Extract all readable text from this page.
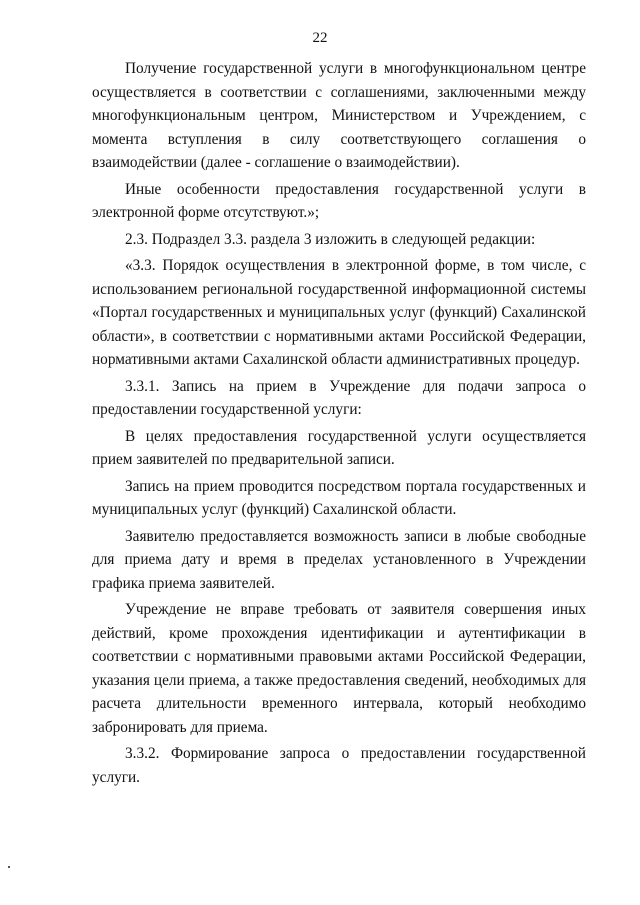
22

Получение государственной услуги в многофункциональном центре осуществляется в соответствии с соглашениями, заключенными между многофункциональным центром, Министерством и Учреждением, с момента вступления в силу соответствующего соглашения о взаимодействии (далее - соглашение о взаимодействии).

Иные особенности предоставления государственной услуги в электронной форме отсутствуют.»;

2.3. Подраздел 3.3. раздела 3 изложить в следующей редакции:

«3.3. Порядок осуществления в электронной форме, в том числе, с использованием региональной государственной информационной системы «Портал государственных и муниципальных услуг (функций) Сахалинской области», в соответствии с нормативными актами Российской Федерации, нормативными актами Сахалинской области административных процедур.

3.3.1. Запись на прием в Учреждение для подачи запроса о предоставлении государственной услуги:

В целях предоставления государственной услуги осуществляется прием заявителей по предварительной записи.

Запись на прием проводится посредством портала государственных и муниципальных услуг (функций) Сахалинской области.

Заявителю предоставляется возможность записи в любые свободные для приема дату и время в пределах установленного в Учреждении графика приема заявителей.

Учреждение не вправе требовать от заявителя совершения иных действий, кроме прохождения идентификации и аутентификации в соответствии с нормативными правовыми актами Российской Федерации, указания цели приема, а также предоставления сведений, необходимых для расчета длительности временного интервала, который необходимо забронировать для приема.

3.3.2. Формирование запроса о предоставлении государственной услуги.
